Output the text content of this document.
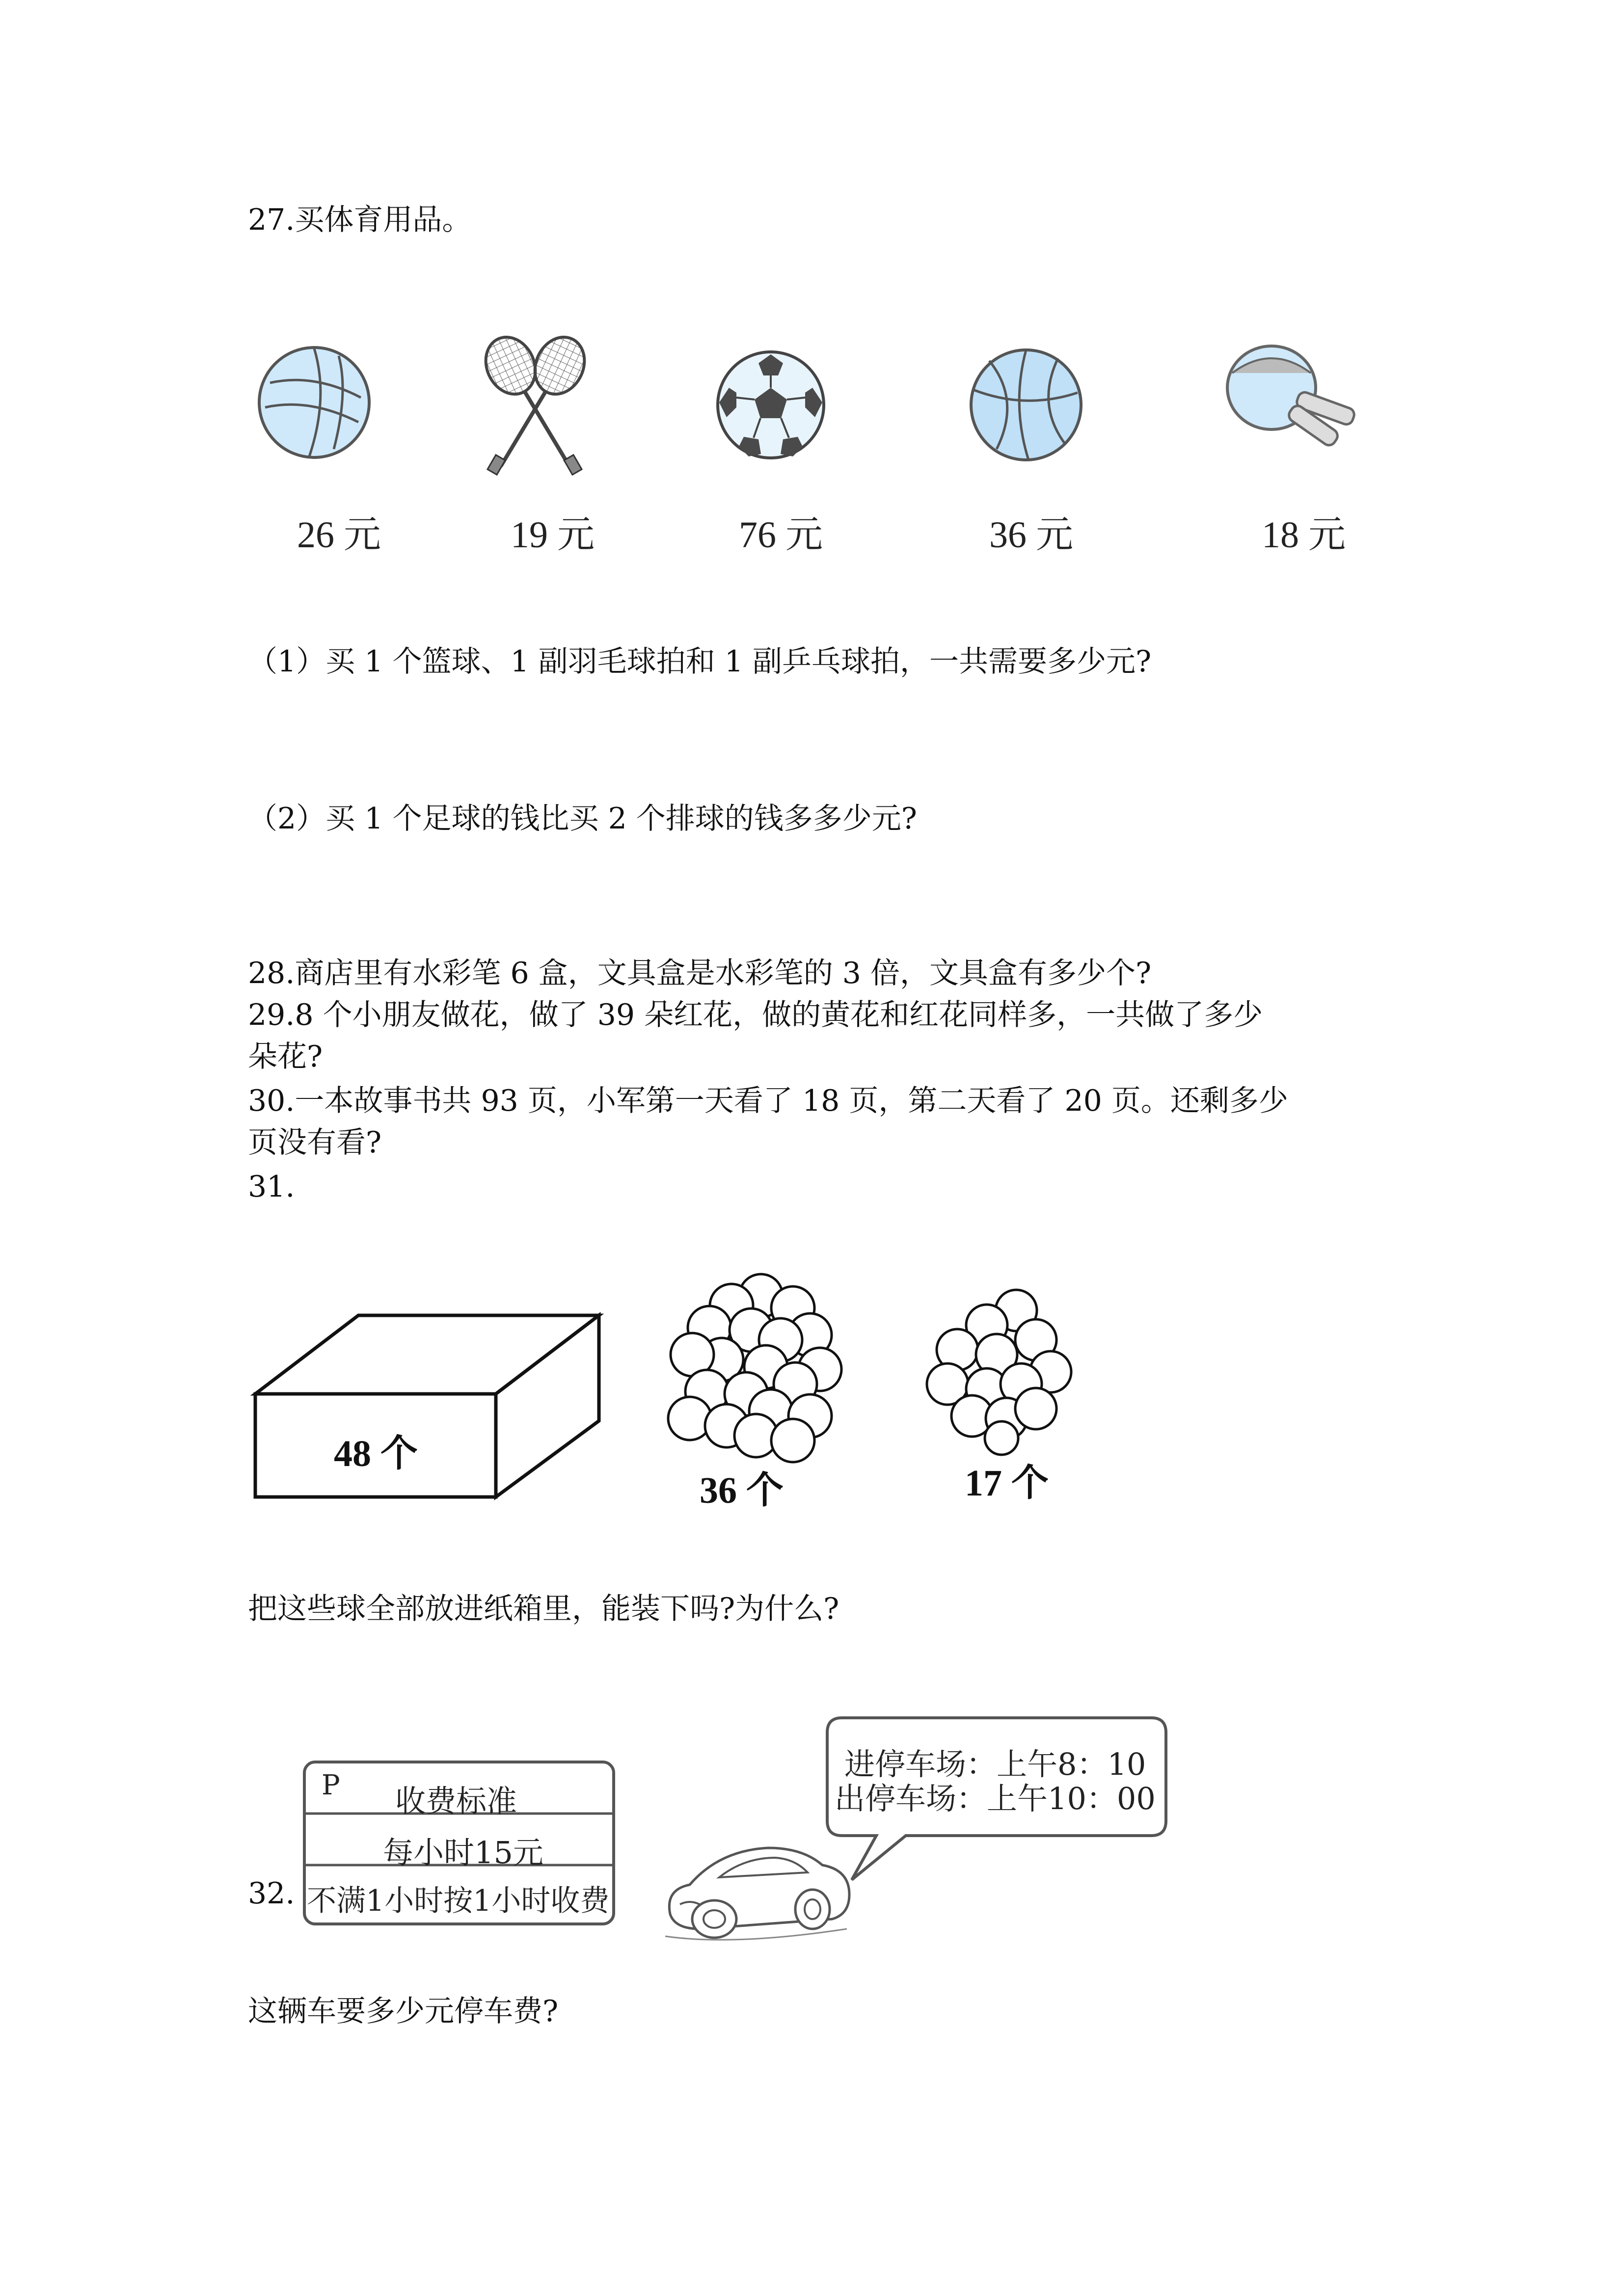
27.买体育用品。
26 元	19 元	76 元	36 元	18 元
（1）买 1 个篮球、1 副羽毛球拍和 1 副乒乓球拍，一共需要多少元?
（2）买 1 个足球的钱比买 2 个排球的钱多多少元?
28.商店里有水彩笔 6 盒，文具盒是水彩笔的 3 倍，文具盒有多少个?
29.8 个小朋友做花，做了 39 朵红花，做的黄花和红花同样多，一共做了多少
朵花?
30.一本故事书共 93 页，小军第一天看了 18 页，第二天看了 20 页。还剩多少
页没有看?
31.
48 个
36 个	17 个
把这些球全部放进纸箱里，能装下吗?为什么?
32.
P 收费标准
每小时15元
不满1小时按1小时收费
进停车场：上午8：10
出停车场：上午10：00
这辆车要多少元停车费?
